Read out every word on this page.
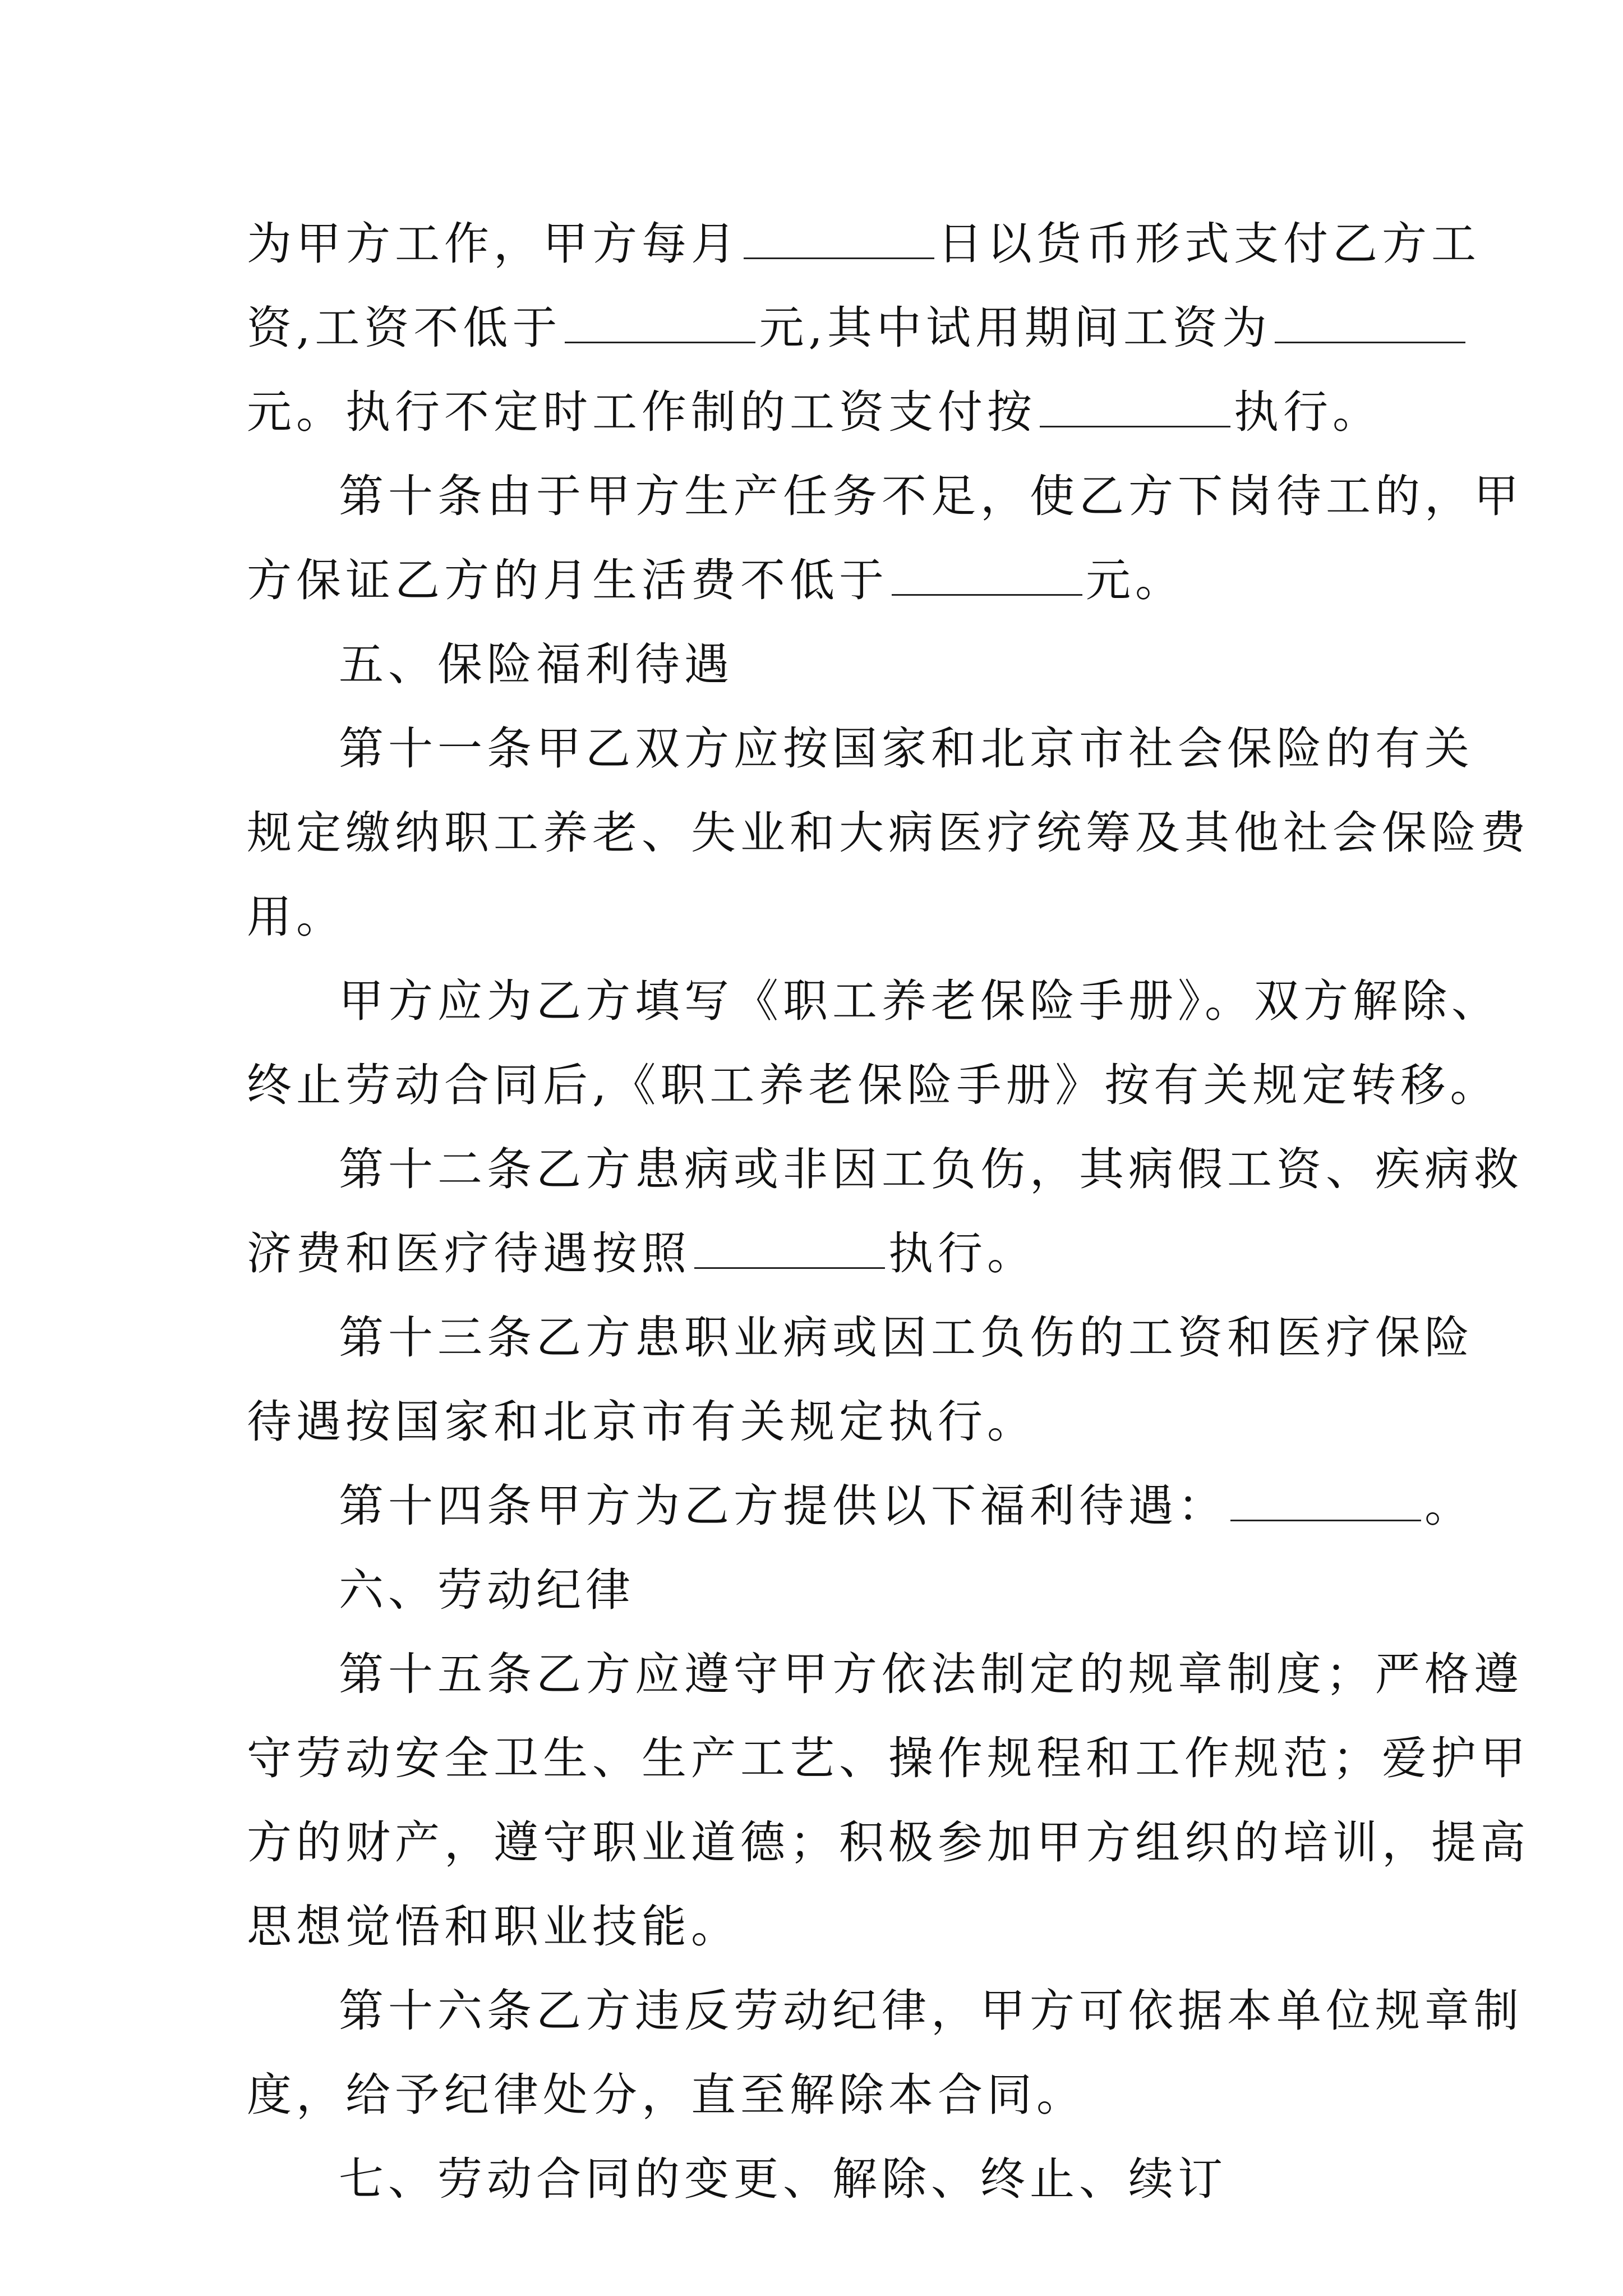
为甲方工作，甲方每月	日以货币形式支付乙方工
资,工资不低于	元,其中试用期间工资为
元。执行不定时工作制的工资支付按	执行。
第十条由于甲方生产任务不足，使乙方下岗待工的，甲
方保证乙方的月生活费不低于	元。
五、保险福利待遇
第十一条甲乙双方应按国家和北京市社会保险的有关
规定缴纳职工养老、失业和大病医疗统筹及其他社会保险费
用。
甲方应为乙方填写《职工养老保险手册》。双方解除、
终止劳动合同后,《职工养老保险手册》按有关规定转移。
第十二条乙方患病或非因工负伤，其病假工资、疾病救
济费和医疗待遇按照	执行。
第十三条乙方患职业病或因工负伤的工资和医疗保险
待遇按国家和北京市有关规定执行。
第十四条甲方为乙方提供以下福利待遇：	。
六、劳动纪律
第十五条乙方应遵守甲方依法制定的规章制度；严格遵
守劳动安全卫生、生产工艺、操作规程和工作规范；爱护甲
方的财产，遵守职业道德；积极参加甲方组织的培训，提高
思想觉悟和职业技能。
第十六条乙方违反劳动纪律，甲方可依据本单位规章制
度，给予纪律处分，直至解除本合同。
七、劳动合同的变更、解除、终止、续订
